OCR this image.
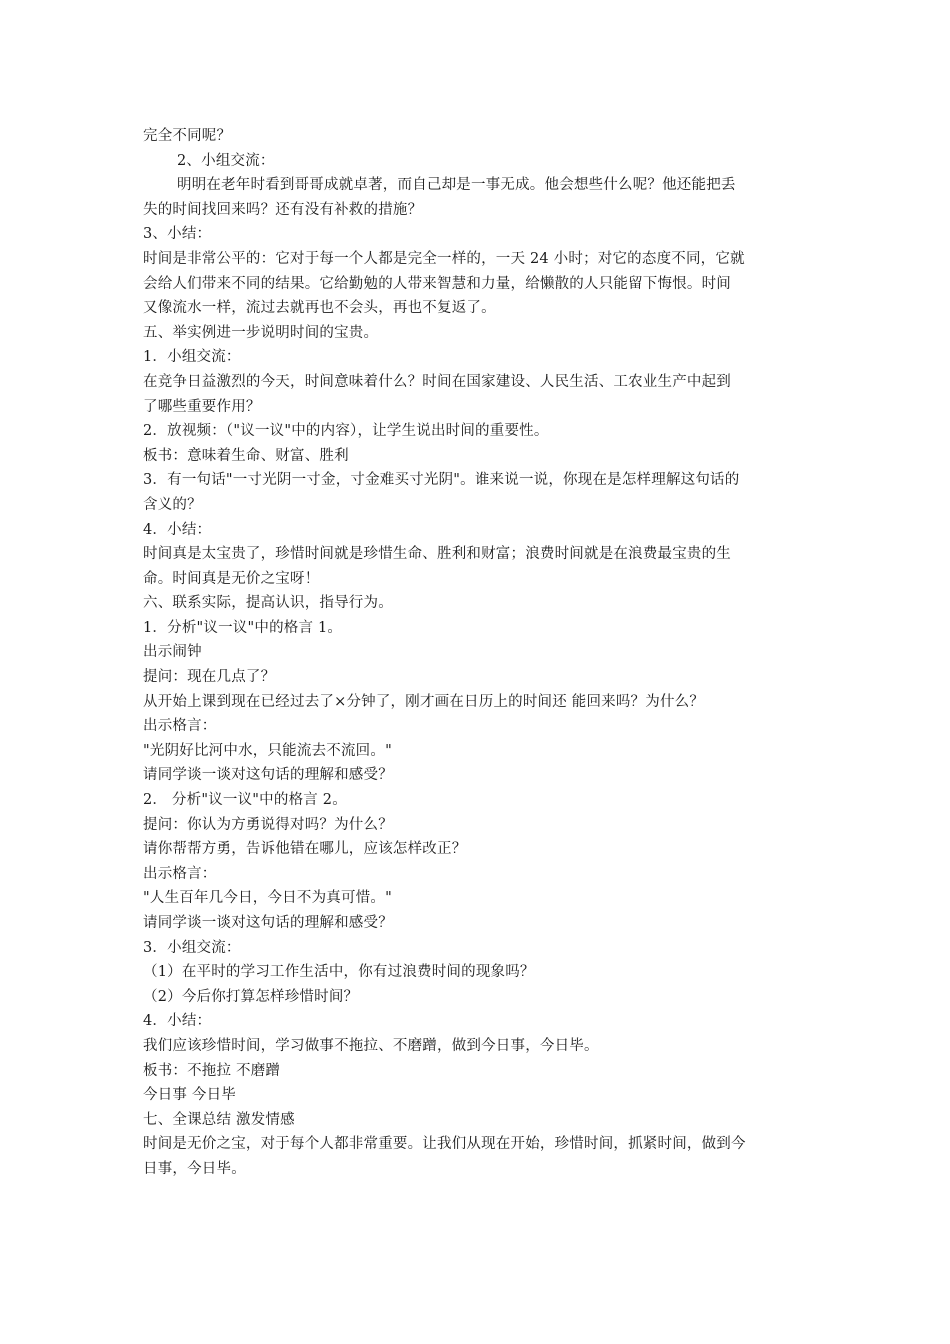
完全不同呢？
2、小组交流：
明明在老年时看到哥哥成就卓著，而自己却是一事无成。他会想些什么呢？他还能把丢
失的时间找回来吗？还有没有补救的措施？
3、小结：
时间是非常公平的：它对于每一个人都是完全一样的，一天 24 小时；对它的态度不同，它就
会给人们带来不同的结果。它给勤勉的人带来智慧和力量，给懒散的人只能留下悔恨。时间
又像流水一样，流过去就再也不会头，再也不复返了。
五、举实例进一步说明时间的宝贵。
1．小组交流：
在竞争日益激烈的今天，时间意味着什么？时间在国家建设、人民生活、工农业生产中起到
了哪些重要作用？
2．放视频：（"议一议"中的内容），让学生说出时间的重要性。
板书：意味着生命、财富、胜利
3．有一句话"一寸光阴一寸金，寸金难买寸光阴"。谁来说一说，你现在是怎样理解这句话的
含义的？
4．小结：
时间真是太宝贵了，珍惜时间就是珍惜生命、胜利和财富；浪费时间就是在浪费最宝贵的生
命。时间真是无价之宝呀！
六、联系实际，提高认识，指导行为。
1．分析"议一议"中的格言 1。
出示闹钟
提问：现在几点了？
从开始上课到现在已经过去了×分钟了，刚才画在日历上的时间还 能回来吗？为什么？
出示格言：
"光阴好比河中水，只能流去不流回。"
请同学谈一谈对这句话的理解和感受？
2． 分析"议一议"中的格言 2。
提问：你认为方勇说得对吗？为什么？
请你帮帮方勇，告诉他错在哪儿，应该怎样改正？
出示格言：
"人生百年几今日，今日不为真可惜。"
请同学谈一谈对这句话的理解和感受？
3．小组交流：
（1）在平时的学习工作生活中，你有过浪费时间的现象吗？
（2）今后你打算怎样珍惜时间？
4．小结：
我们应该珍惜时间，学习做事不拖拉、不磨蹭，做到今日事，今日毕。
板书：不拖拉 不磨蹭
今日事 今日毕
七、全课总结 激发情感
时间是无价之宝，对于每个人都非常重要。让我们从现在开始，珍惜时间，抓紧时间，做到今
日事，今日毕。
